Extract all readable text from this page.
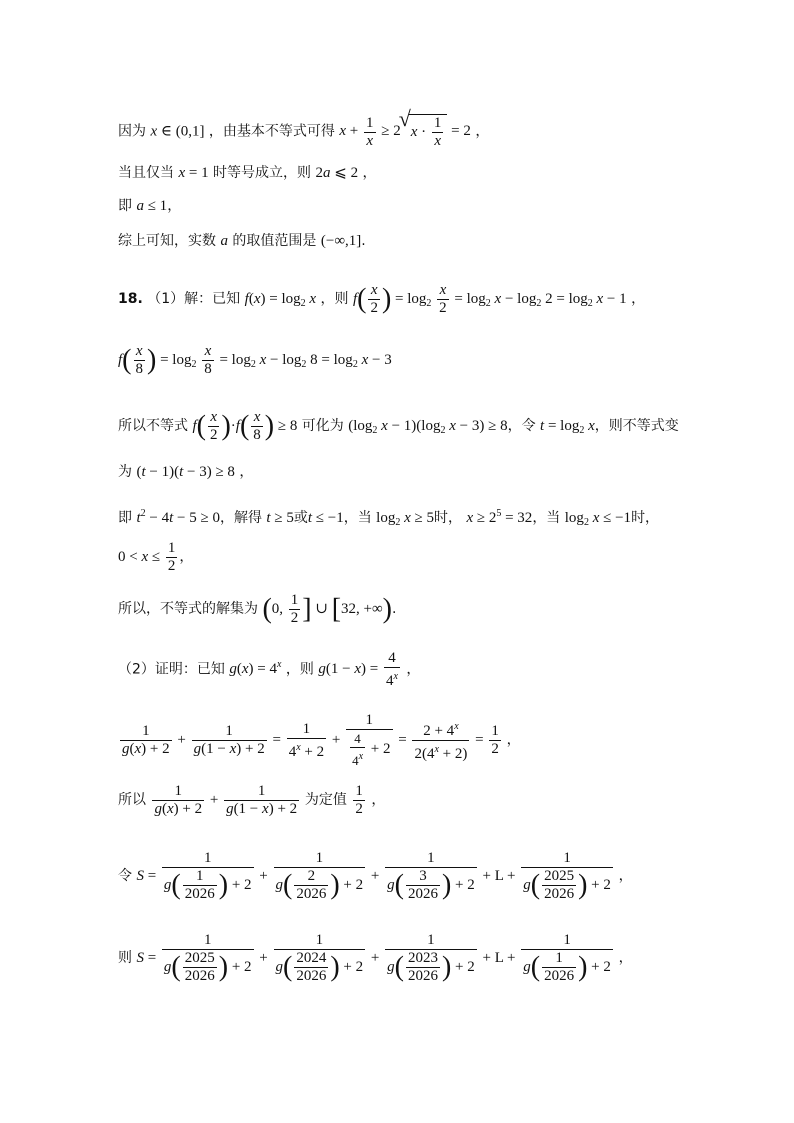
因为 x ∈ (0,1] ，由基本不等式可得 $x + \frac{1}{x} \ge 2√$ $x \cdot \frac{1}{x} = 2$ ，
当且仅当 x = 1 时等号成立，则 2a ⩽ 2 ，
即 a ≤ 1，
综上可知，实数 a 的取值范围是 (−∞,1].
18. （1）解：已知 $f(x) = \log_2 x$ ，则 $f( \frac{x}{2}$ ) = $\log_2 \frac{x}{2} = \log_2 x - \log_2 2 = \log_2 x - 1$ ，
$f( \frac{x}{8}$ ) = $\log_2 \frac{x}{8} = \log_2 x - \log_2 8 = \log_2 x - 3$
所以不等式 $f( \frac{x}{2} )\cdot f( \frac{x}{8}$ ) ≥ 8 可化为 ($\log_2$ $x - 1)(\log_2$ x − 3) ≥ 8，令 $t = \log_2 x$，则不等式变
为 (t − 1)(t − 3) ≥ 8 ，
即 $t^2 - 4t - 5 \ge 0$，解得 t ≥ 5或t ≤ −1，当 $\log_2 x \ge 5$时， $x \ge 2^5 = 32$，当 $\log_2 x \le -1$时，
$0 < x \le \frac{1}{2}$ ，
所以，不等式的解集为 (0, $\frac{1}{2}$ ] ∪ [32, +∞).
（2）证明：已知 $g(x) = 4^x$ ，则 $g(1 - x) = \frac{4}{4^x}$ ，
$\frac{1}{g(x) + 2} + \frac{1}{g(1 - x) + 2} = \frac{1}{4^x + 2} + \frac{1}{\frac{4}{4^x} + 2} = \frac{2 + 4^x}{2(4^x + 2)} = \frac{1}{2}$ ，
所以 $\frac{1}{g(x) + 2} + \frac{1}{g(1 - x) + 2}$ 为定值 $\frac{1}{2}$ ，
令 $S = \frac{1}{g( \frac{1}{2026} ) + 2} + \frac{1}{g( \frac{2}{2026} ) + 2} + \frac{1}{g( \frac{3}{2026} ) + 2} + L + \frac{1}{g( \frac{2025}{2026} ) + 2}$ ，
则 $S = \frac{1}{g( \frac{2025}{2026} ) + 2} + \frac{1}{g( \frac{2024}{2026} ) + 2} + \frac{1}{g( \frac{2023}{2026} ) + 2} + L + \frac{1}{g( \frac{1}{2026} ) + 2}$ ，
